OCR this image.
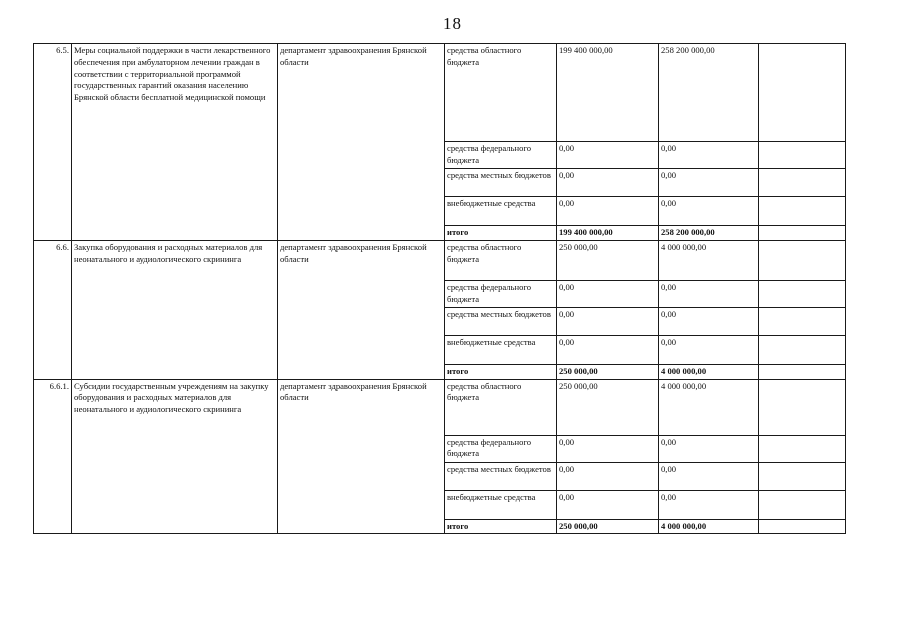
18
6.5.	Меры социальной поддержки в части лекарственного обеспечения при амбулаторном лечении граждан в соответствии с территориальной программой государственных гарантий оказания населению Брянской области бесплатной медицинской помощи	департамент здравоохранения Брянской области	средства областного бюджета	199 400 000,00	258 200 000,00	
			средства федерального бюджета	0,00	0,00	
			средства местных бюджетов	0,00	0,00	
			внебюджетные средства	0,00	0,00	
			итого	199 400 000,00	258 200 000,00	
6.6.	Закупка оборудования и расходных материалов для неонатального и аудиологического скрининга	департамент здравоохранения Брянской области	средства областного бюджета	250 000,00	4 000 000,00	
			средства федерального бюджета	0,00	0,00	
			средства местных бюджетов	0,00	0,00	
			внебюджетные средства	0,00	0,00	
			итого	250 000,00	4 000 000,00	
6.6.1.	Субсидии государственным учреждениям на закупку оборудования и расходных материалов для неонатального и аудиологического скрининга	департамент здравоохранения Брянской области	средства областного бюджета	250 000,00	4 000 000,00	
			средства федерального бюджета	0,00	0,00	
			средства местных бюджетов	0,00	0,00	
			внебюджетные средства	0,00	0,00	
			итого	250 000,00	4 000 000,00	
